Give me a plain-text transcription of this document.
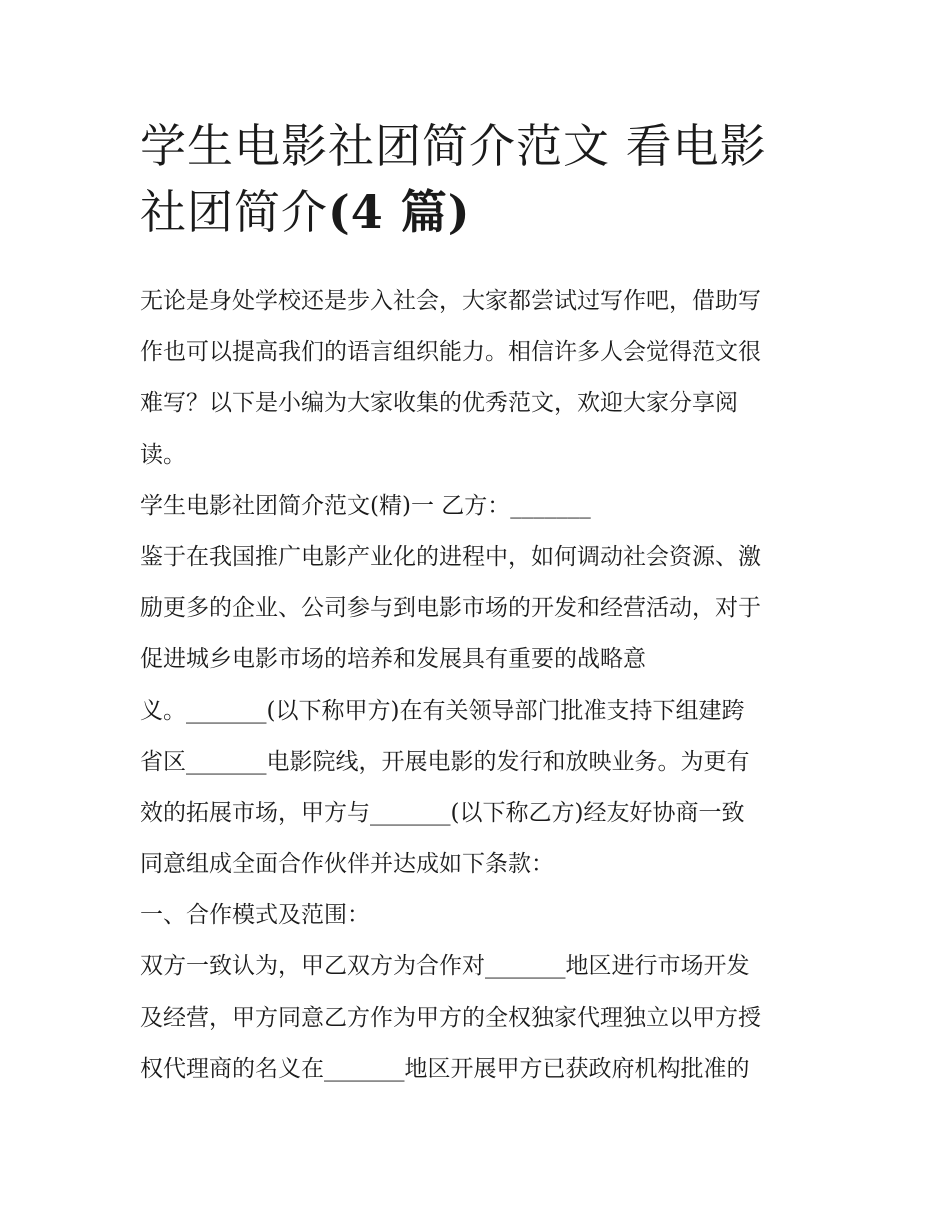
学生电影社团简介范文 看电影
社团简介(4 篇)
无论是身处学校还是步入社会，大家都尝试过写作吧，借助写
作也可以提高我们的语言组织能力。相信许多人会觉得范文很
难写？以下是小编为大家收集的优秀范文，欢迎大家分享阅
读。
学生电影社团简介范文(精)一 乙方：_______
鉴于在我国推广电影产业化的进程中，如何调动社会资源、激
励更多的企业、公司参与到电影市场的开发和经营活动，对于
促进城乡电影市场的培养和发展具有重要的战略意
义。_______(以下称甲方)在有关领导部门批准支持下组建跨
省区_______电影院线，开展电影的发行和放映业务。为更有
效的拓展市场，甲方与_______(以下称乙方)经友好协商一致
同意组成全面合作伙伴并达成如下条款：
一、合作模式及范围：
双方一致认为，甲乙双方为合作对_______地区进行市场开发
及经营，甲方同意乙方作为甲方的全权独家代理独立以甲方授
权代理商的名义在_______地区开展甲方已获政府机构批准的
